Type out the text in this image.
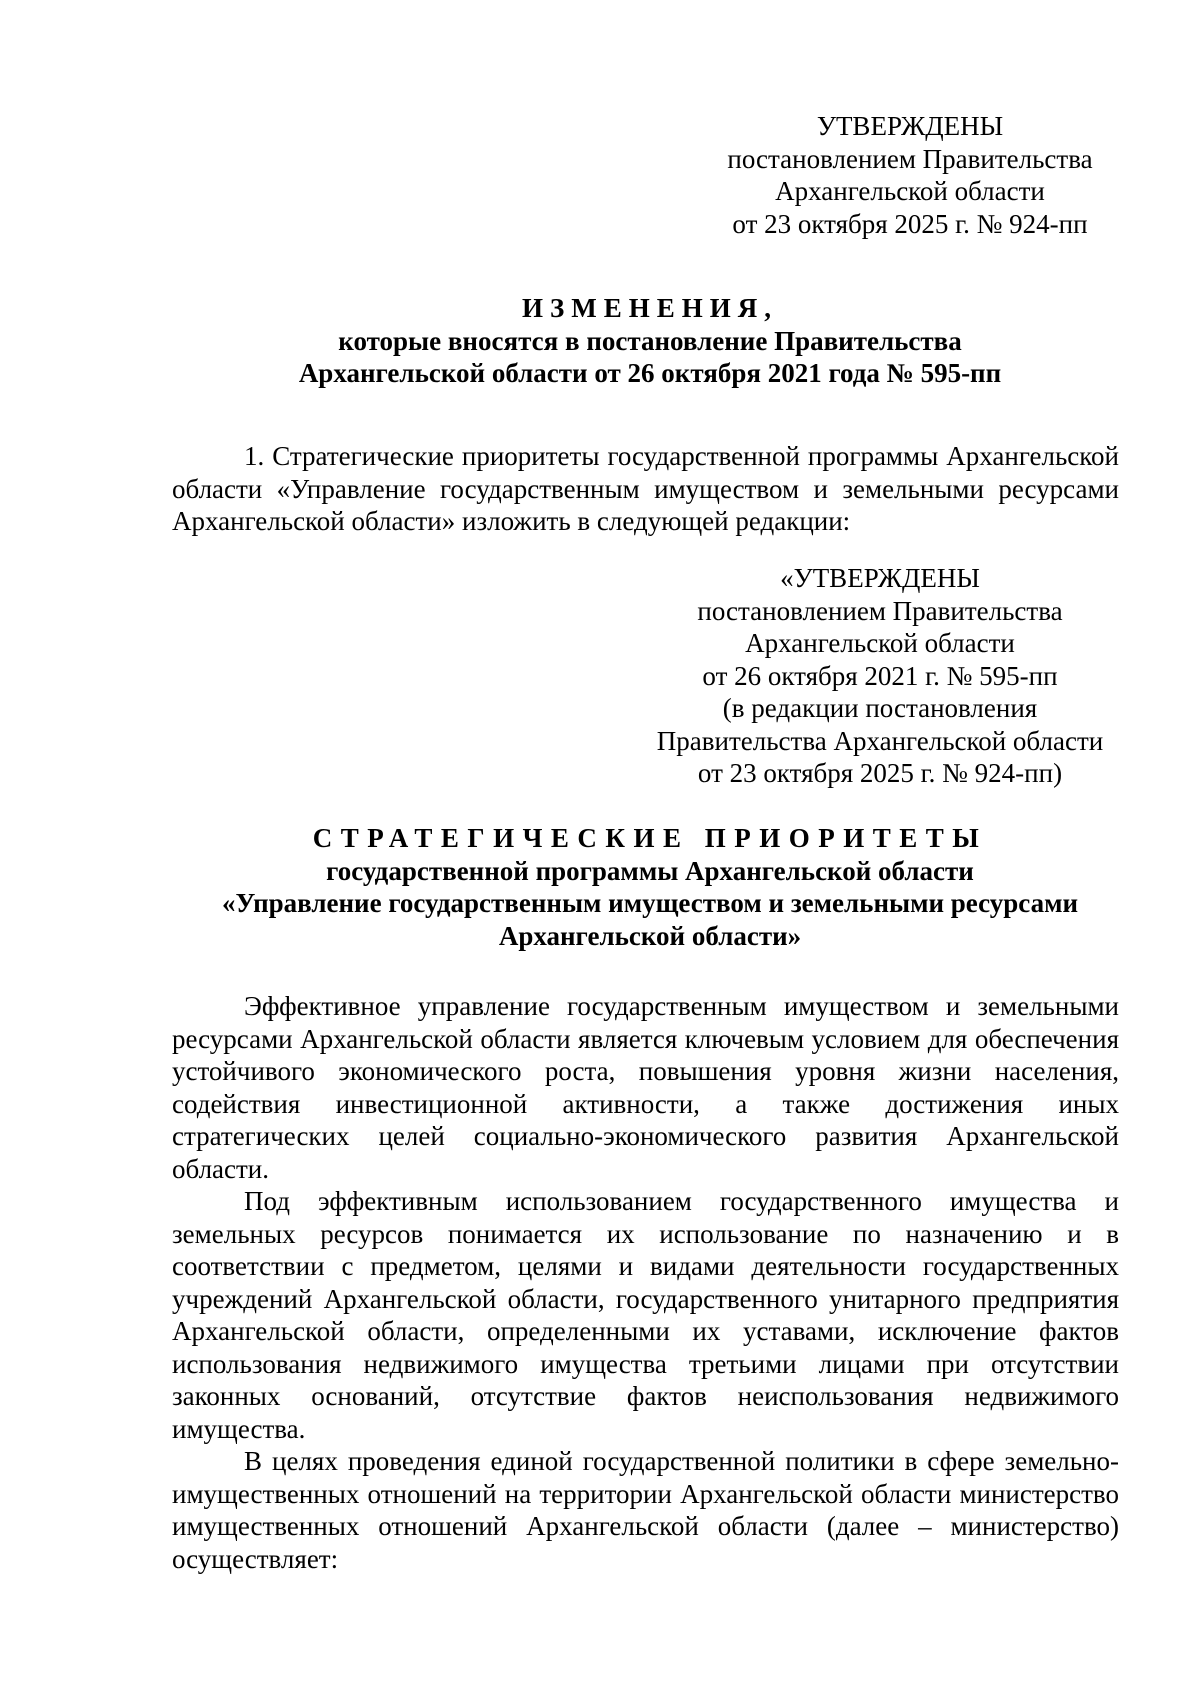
УТВЕРЖДЕНЫ
постановлением Правительства
Архангельской области
от 23 октября 2025 г. № 924-пп
ИЗМЕНЕНИЯ,
которые вносятся в постановление Правительства
Архангельской области от 26 октября 2021 года № 595-пп

1. Стратегические приоритеты государственной программы Архангельской области «Управление государственным имуществом и земельными ресурсами Архангельской области» изложить в следующей редакции:

«УТВЕРЖДЕНЫ
постановлением Правительства
Архангельской области
от 26 октября 2021 г. № 595-пп
(в редакции постановления
Правительства Архангельской области
от 23 октября 2025 г. № 924-пп)
СТРАТЕГИЧЕСКИЕ ПРИОРИТЕТЫ
государственной программы Архангельской области
«Управление государственным имуществом и земельными ресурсами
Архангельской области»

Эффективное управление государственным имуществом и земельными ресурсами Архангельской области является ключевым условием для обеспечения устойчивого экономического роста, повышения уровня жизни населения, содействия инвестиционной активности, а также достижения иных стратегических целей социально-экономического развития Архангельской области.

Под эффективным использованием государственного имущества и земельных ресурсов понимается их использование по назначению и в соответствии с предметом, целями и видами деятельности государственных учреждений Архангельской области, государственного унитарного предприятия Архангельской области, определенными их уставами, исключение фактов использования недвижимого имущества третьими лицами при отсутствии законных оснований, отсутствие фактов неиспользования недвижимого имущества.

В целях проведения единой государственной политики в сфере земельно-имущественных отношений на территории Архангельской области министерство имущественных отношений Архангельской области (далее – министерство) осуществляет:
